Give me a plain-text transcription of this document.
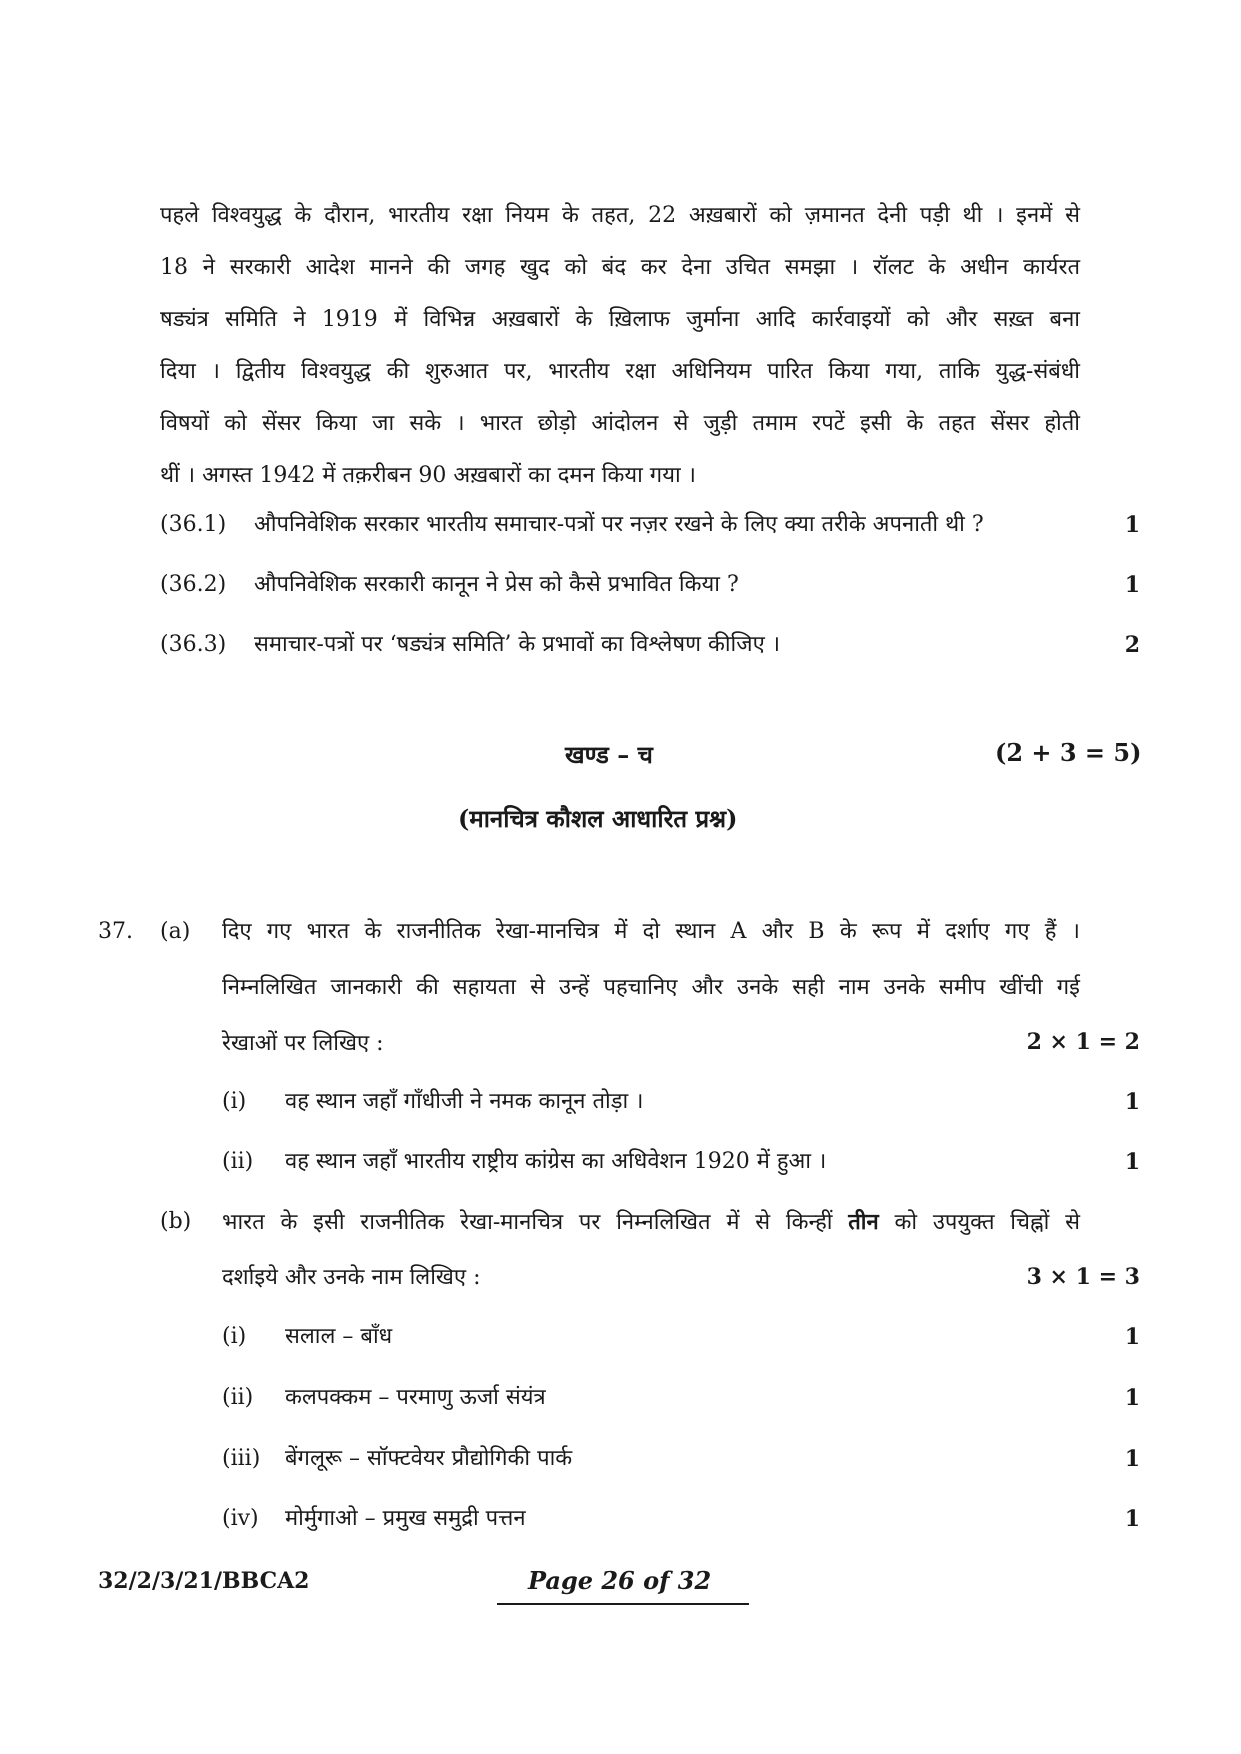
पहले विश्वयुद्ध के दौरान, भारतीय रक्षा नियम के तहत, 22 अख़बारों को ज़मानत देनी पड़ी थी । इनमें से
18 ने सरकारी आदेश मानने की जगह खुद को बंद कर देना उचित समझा । रॉलट के अधीन कार्यरत
षड्यंत्र समिति ने 1919 में विभिन्न अख़बारों के ख़िलाफ जुर्माना आदि कार्रवाइयों को और सख़्त बना
दिया । द्वितीय विश्वयुद्ध की शुरुआत पर, भारतीय रक्षा अधिनियम पारित किया गया, ताकि युद्ध-संबंधी
विषयों को सेंसर किया जा सके । भारत छोड़ो आंदोलन से जुड़ी तमाम रपटें इसी के तहत सेंसर होती
थीं । अगस्त 1942 में तक़रीबन 90 अख़बारों का दमन किया गया ।
(36.1) औपनिवेशिक सरकार भारतीय समाचार-पत्रों पर नज़र रखने के लिए क्या तरीके अपनाती थी ?	1
(36.2) औपनिवेशिक सरकारी कानून ने प्रेस को कैसे प्रभावित किया ?	1
(36.3) समाचार-पत्रों पर ‘षड्यंत्र समिति’ के प्रभावों का विश्लेषण कीजिए ।	2
खण्ड – च	(2 + 3 = 5)
(मानचित्र कौशल आधारित प्रश्न)
37. (a) दिए गए भारत के राजनीतिक रेखा-मानचित्र में दो स्थान A और B के रूप में दर्शाए गए हैं ।
निम्नलिखित जानकारी की सहायता से उन्हें पहचानिए और उनके सही नाम उनके समीप खींची गई
रेखाओं पर लिखिए :	2 × 1 = 2
(i) वह स्थान जहाँ गाँधीजी ने नमक कानून तोड़ा ।	1
(ii) वह स्थान जहाँ भारतीय राष्ट्रीय कांग्रेस का अधिवेशन 1920 में हुआ ।	1
(b) भारत के इसी राजनीतिक रेखा-मानचित्र पर निम्नलिखित में से किन्हीं तीन को उपयुक्त चिह्नों से
दर्शाइये और उनके नाम लिखिए :	3 × 1 = 3
(i) सलाल – बाँध	1
(ii) कलपक्कम – परमाणु ऊर्जा संयंत्र	1
(iii) बेंगलूरू – सॉफ्टवेयर प्रौद्योगिकी पार्क	1
(iv) मोर्मुगाओ – प्रमुख समुद्री पत्तन	1
32/2/3/21/BBCA2	Page 26 of 32
